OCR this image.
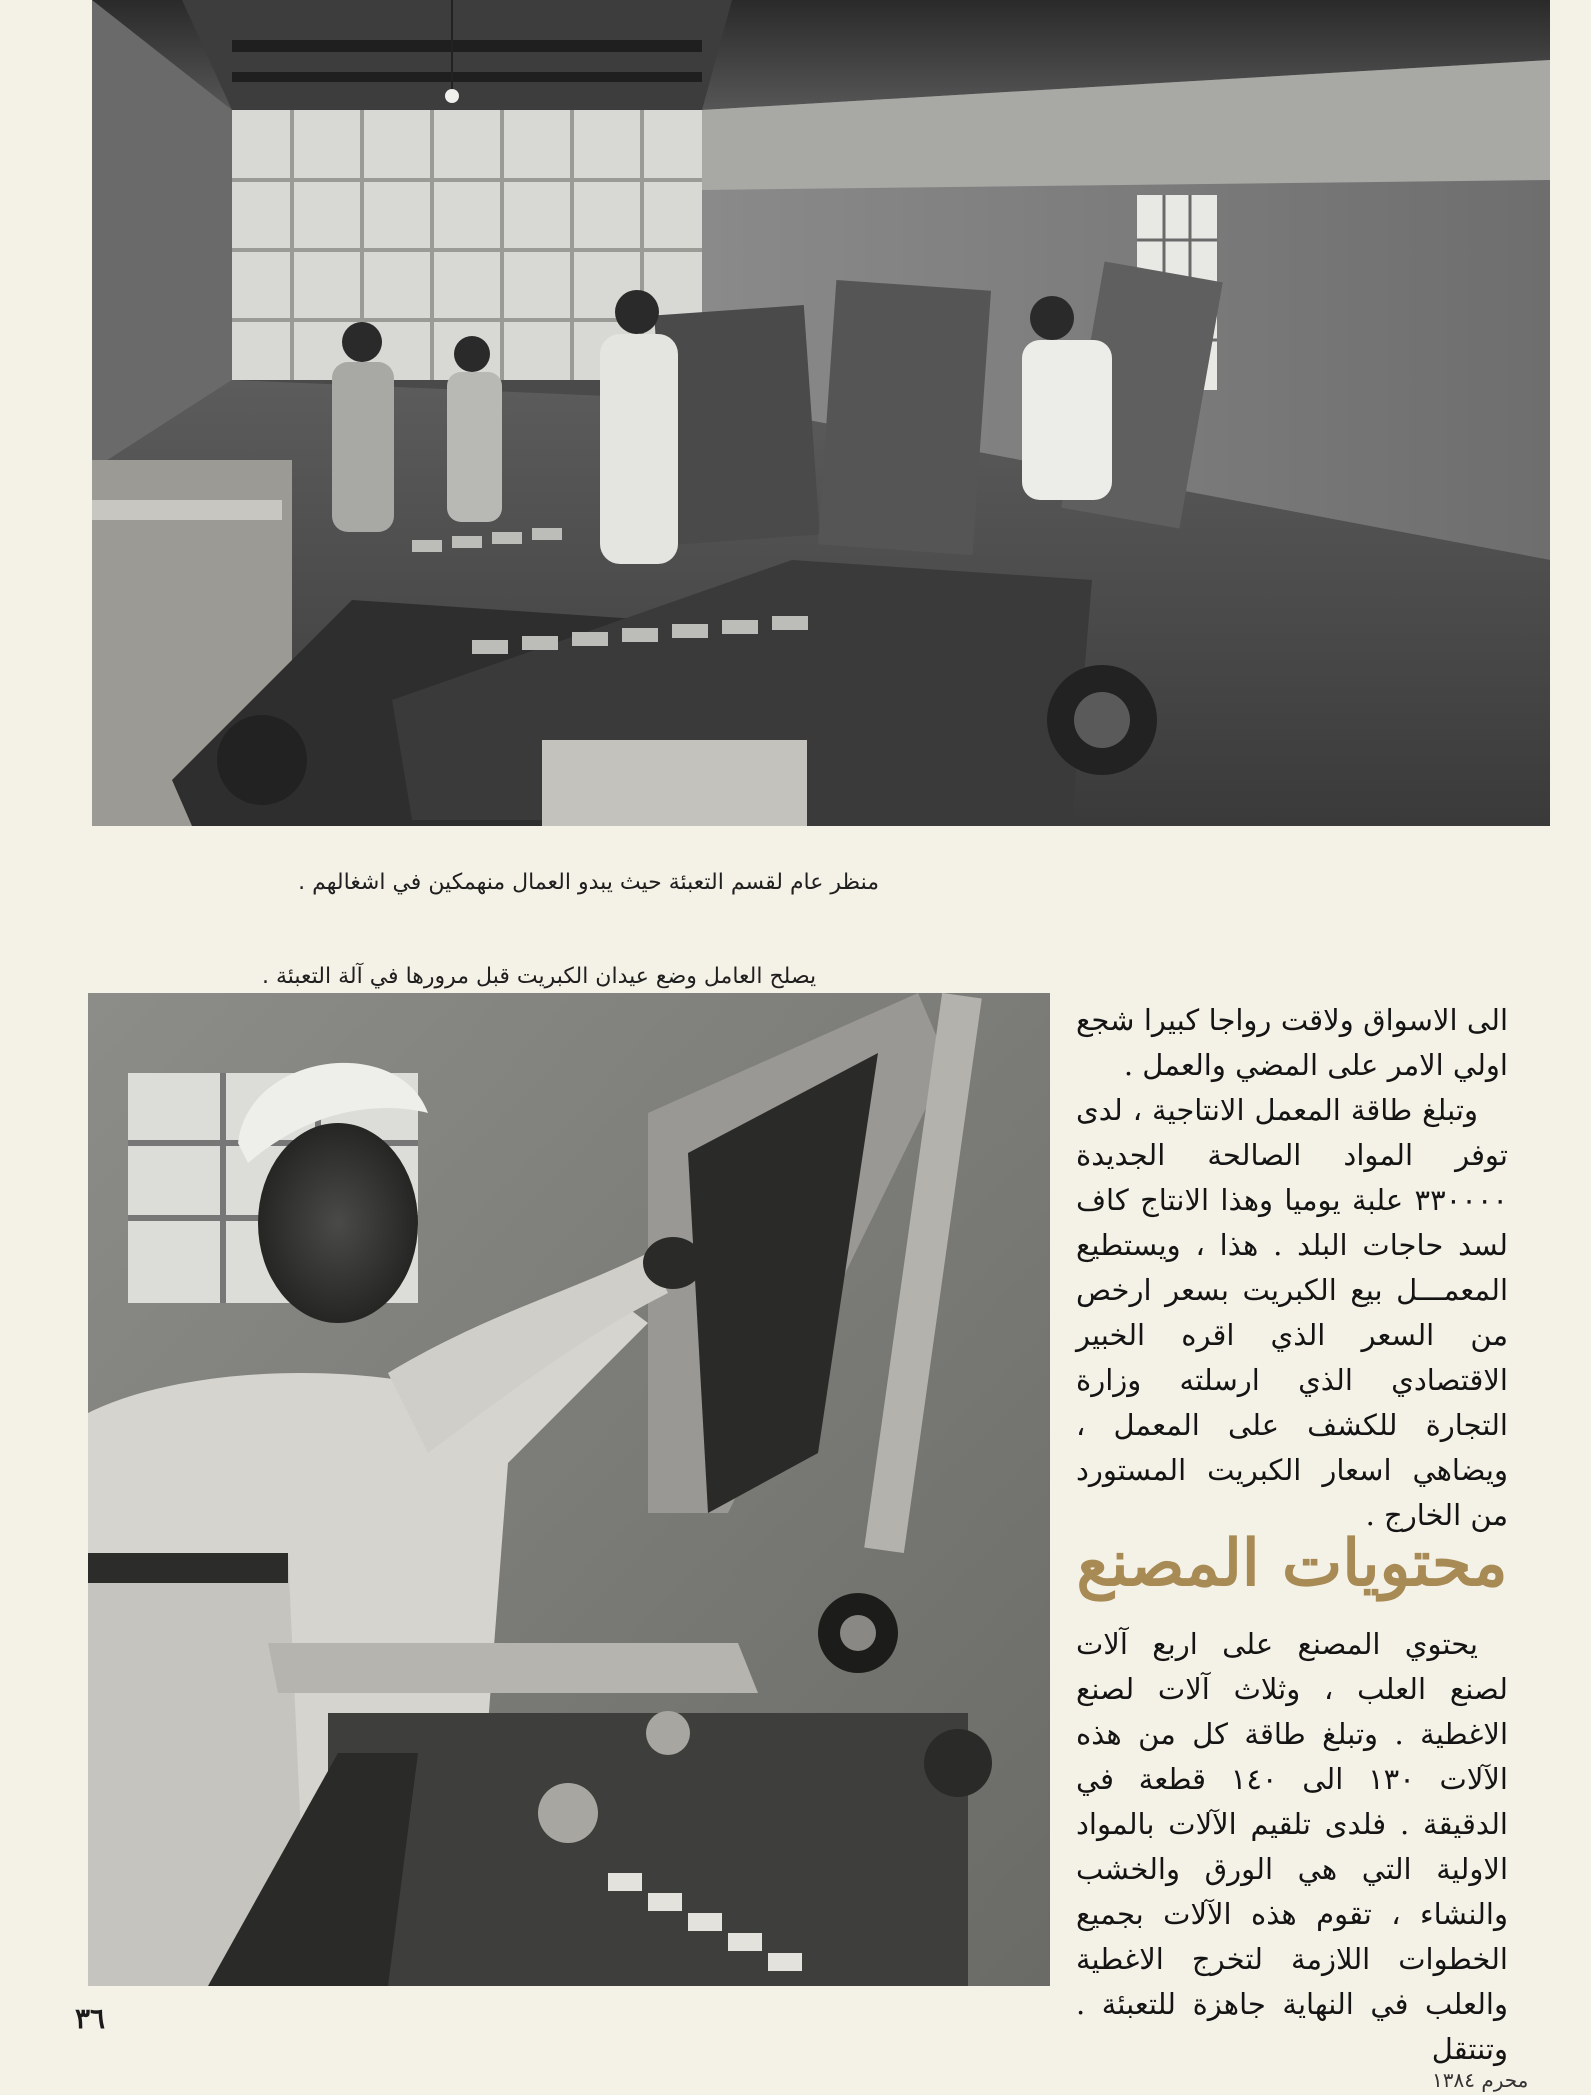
منظر عام لقسم التعبئة حيث يبدو العمال منهمكين في اشغالهم .

يصلح العامل وضع عيدان الكبريت قبل مرورها في آلة التعبئة .

الى الاسواق ولاقت رواجا كبيرا شجع اولي الامر على المضي والعمل .

وتبلغ طاقة المعمل الانتاجية ، لدى توفر المواد الصالحة الجديدة ٣٣٠٠٠٠ علبة يوميا وهذا الانتاج كاف لسد حاجات البلد . هذا ، ويستطيع المعمـــل بيع الكبريت بسعر ارخص من السعر الذي اقره الخبير الاقتصادي الذي ارسلته وزارة التجارة للكشف على المعمل ، ويضاهي اسعار الكبريت المستورد من الخارج .

محتويات المصنع

يحتوي المصنع على اربع آلات لصنع العلب ، وثلاث آلات لصنع الاغطية . وتبلغ طاقة كل من هذه الآلات ١٣٠ الى ١٤٠ قطعة في الدقيقة . فلدى تلقيم الآلات بالمواد الاولية التي هي الورق والخشب والنشاء ، تقوم هذه الآلات بجميع الخطوات اللازمة لتخرج الاغطية والعلب في النهاية جاهزة للتعبئة . وتنتقل

٣٦
محرم ١٣٨٤
